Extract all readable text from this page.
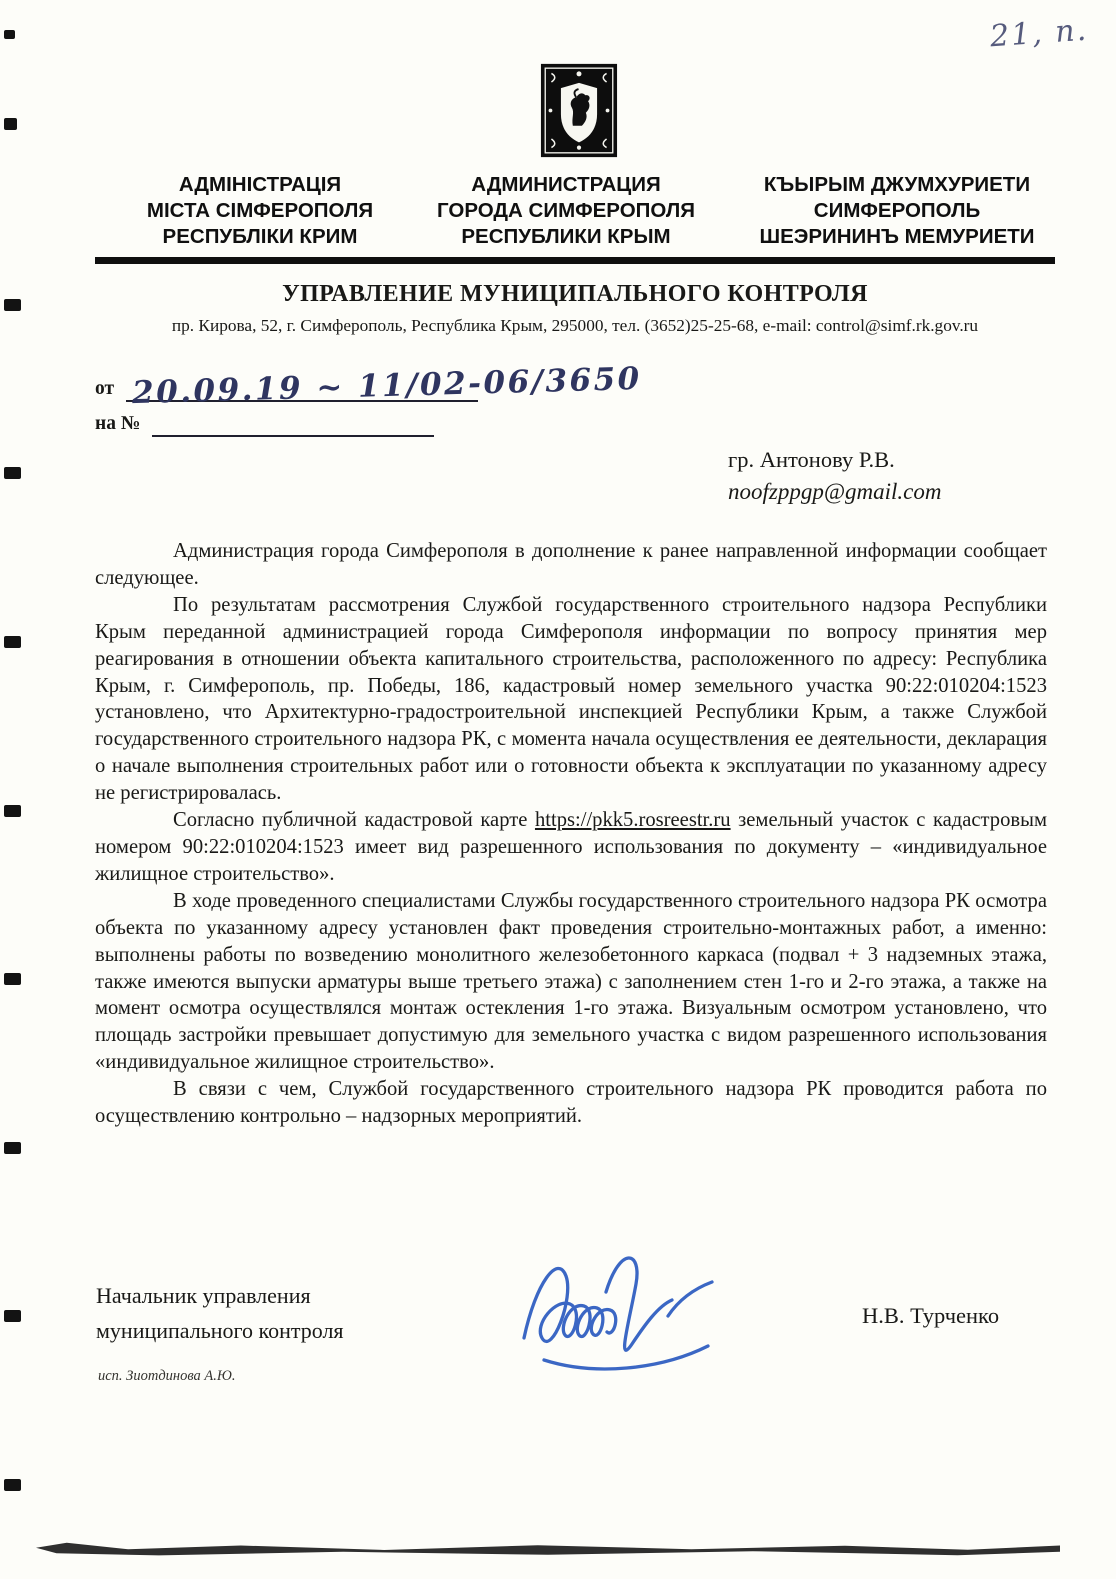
21, п.
АДМІНІСТРАЦІЯ
МІСТА СІМФЕРОПОЛЯ
РЕСПУБЛІКИ КРИМ
АДМИНИСТРАЦИЯ
ГОРОДА СИМФЕРОПОЛЯ
РЕСПУБЛИКИ КРЫМ
КЪЫРЫМ ДЖУМХУРИЕТИ
СИМФЕРОПОЛЬ
ШЕЭРИНИНЪ МЕМУРИЕТИ
УПРАВЛЕНИЕ МУНИЦИПАЛЬНОГО КОНТРОЛЯ
пр. Кирова, 52, г. Симферополь, Республика Крым, 295000, тел. (3652)25-25-68, e-mail: control@simf.rk.gov.ru
от 20.09.19 ~ 11/02-06/3650
на №
гр. Антонову Р.В.
noofzppgp@gmail.com

Администрация города Симферополя в дополнение к ранее направленной информации сообщает следующее.

По результатам рассмотрения Службой государственного строительного надзора Республики Крым переданной администрацией города Симферополя информации по вопросу принятия мер реагирования в отношении объекта капитального строительства, расположенного по адресу: Республика Крым, г. Симферополь, пр. Победы, 186, кадастровый номер земельного участка 90:22:010204:1523 установлено, что Архитектурно-градостроительной инспекцией Республики Крым, а также Службой государственного строительного надзора РК, с момента начала осуществления ее деятельности, декларация о начале выполнения строительных работ или о готовности объекта к эксплуатации по указанному адресу не регистрировалась.

Согласно публичной кадастровой карте https://pkk5.rosreestr.ru земельный участок с кадастровым номером 90:22:010204:1523 имеет вид разрешенного использования по документу – «индивидуальное жилищное строительство».

В ходе проведенного специалистами Службы государственного строительного надзора РК осмотра объекта по указанному адресу установлен факт проведения строительно-монтажных работ, а именно: выполнены работы по возведению монолитного железобетонного каркаса (подвал + 3 надземных этажа, также имеются выпуски арматуры выше третьего этажа) с заполнением стен 1-го и 2-го этажа, а также на момент осмотра осуществлялся монтаж остекления 1-го этажа. Визуальным осмотром установлено, что площадь застройки превышает допустимую для земельного участка с видом разрешенного использования «индивидуальное жилищное строительство».

В связи с чем, Службой государственного строительного надзора РК проводится работа по осуществлению контрольно – надзорных мероприятий.

Начальник управления
муниципального контроля
Н.В. Турченко
исп. Зиотдинова А.Ю.
